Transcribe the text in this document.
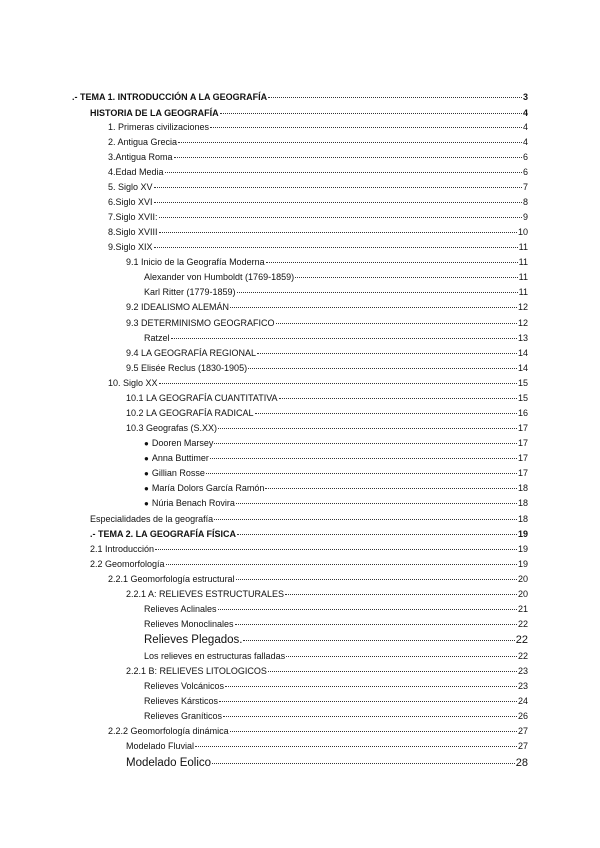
.- TEMA 1. INTRODUCCIÓN A LA GEOGRAFÍA	3
HISTORIA DE LA GEOGRAFÍA	4
1. Primeras civilizaciones	4
2. Antigua Grecia	4
3.Antigua Roma	6
4.Edad Media	6
5. Siglo XV	7
6.Siglo XVI	8
7.Siglo XVII:	9
8.Siglo XVIII	10
9.Siglo XIX	11
9.1 Inicio de la Geografía Moderna	11
Alexander von Humboldt (1769-1859)	11
Karl Ritter (1779-1859)	11
9.2 IDEALISMO ALEMÁN	12
9.3 DETERMINISMO GEOGRAFICO	12
Ratzel	13
9.4 LA GEOGRAFÍA REGIONAL	14
9.5 Elisée Reclus (1830-1905)	14
10. Siglo XX	15
10.1 LA GEOGRAFÍA CUANTITATIVA	15
10.2 LA GEOGRAFÍA RADICAL	16
10.3 Geografas (S.XX)	17
● Dooren Marsey	17
● Anna Buttimer	17
● Gillian Rosse	17
● María Dolors García Ramón	18
● Núria Benach Rovira	18
Especialidades de la geografía	18
.- TEMA 2. LA GEOGRAFÍA FÍSICA	19
2.1 Introducción	19
2.2 Geomorfología	19
2.2.1 Geomorfología estructural	20
2.2.1 A: RELIEVES ESTRUCTURALES	20
Relieves Aclinales	21
Relieves Monoclinales	22
Relieves Plegados.	22
Los relieves en estructuras falladas	22
2.2.1 B: RELIEVES LITOLOGICOS	23
Relieves Volcánicos	23
Relieves Kársticos	24
Relieves Graníticos	26
2.2.2 Geomorfología dinámica	27
Modelado Fluvial	27
Modelado Eolico	28
